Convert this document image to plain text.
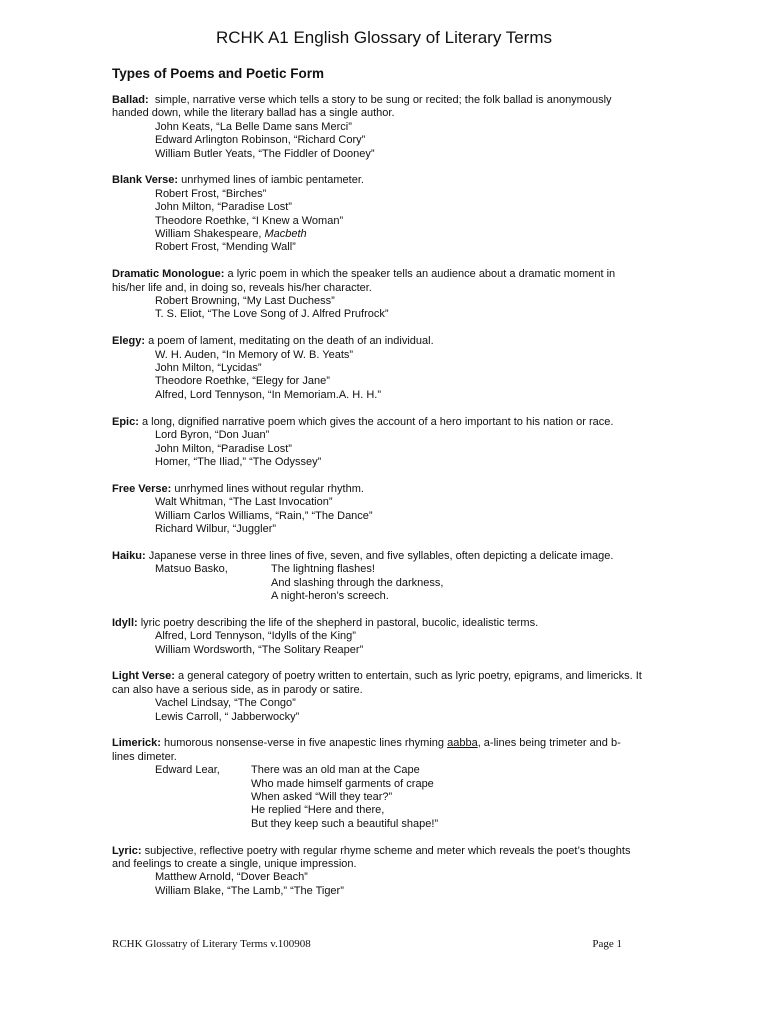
RCHK A1 English Glossary of Literary Terms
Types of Poems and Poetic Form
Ballad: simple, narrative verse which tells a story to be sung or recited; the folk ballad is anonymously handed down, while the literary ballad has a single author.
John Keats, “La Belle Dame sans Merci”
Edward Arlington Robinson, “Richard Cory”
William Butler Yeats, “The Fiddler of Dooney”
Blank Verse: unrhymed lines of iambic pentameter.
Robert Frost, “Birches”
John Milton, “Paradise Lost”
Theodore Roethke, “I Knew a Woman”
William Shakespeare, Macbeth
Robert Frost, “Mending Wall”
Dramatic Monologue: a lyric poem in which the speaker tells an audience about a dramatic moment in his/her life and, in doing so, reveals his/her character.
Robert Browning, “My Last Duchess”
T. S. Eliot, “The Love Song of J. Alfred Prufrock”
Elegy: a poem of lament, meditating on the death of an individual.
W. H. Auden, “In Memory of W. B. Yeats”
John Milton, “Lycidas”
Theodore Roethke, “Elegy for Jane”
Alfred, Lord Tennyson, “In Memoriam.A. H. H.”
Epic: a long, dignified narrative poem which gives the account of a hero important to his nation or race.
Lord Byron, “Don Juan”
John Milton, “Paradise Lost”
Homer, “The Iliad,” “The Odyssey”
Free Verse: unrhymed lines without regular rhythm.
Walt Whitman, “The Last Invocation”
William Carlos Williams, “Rain,” “The Dance”
Richard Wilbur, “Juggler”
Haiku: Japanese verse in three lines of five, seven, and five syllables, often depicting a delicate image.
Matsuo Basko,	The lightning flashes!
And slashing through the darkness,
A night-heron’s screech.
Idyll: lyric poetry describing the life of the shepherd in pastoral, bucolic, idealistic terms.
Alfred, Lord Tennyson, “Idylls of the King”
William Wordsworth, “The Solitary Reaper”
Light Verse: a general category of poetry written to entertain, such as lyric poetry, epigrams, and limericks. It can also have a serious side, as in parody or satire.
Vachel Lindsay, “The Congo”
Lewis Carroll, “ Jabberwocky”
Limerick: humorous nonsense-verse in five anapestic lines rhyming aabba, a-lines being trimeter and b-lines dimeter.
Edward Lear,	There was an old man at the Cape
Who made himself garments of crape
When asked “Will they tear?”
He replied “Here and there,
But they keep such a beautiful shape!”
Lyric: subjective, reflective poetry with regular rhyme scheme and meter which reveals the poet’s thoughts and feelings to create a single, unique impression.
Matthew Arnold, “Dover Beach”
William Blake, “The Lamb,” “The Tiger”
RCHK Glossatry of Literary Terms v.100908	Page 1
